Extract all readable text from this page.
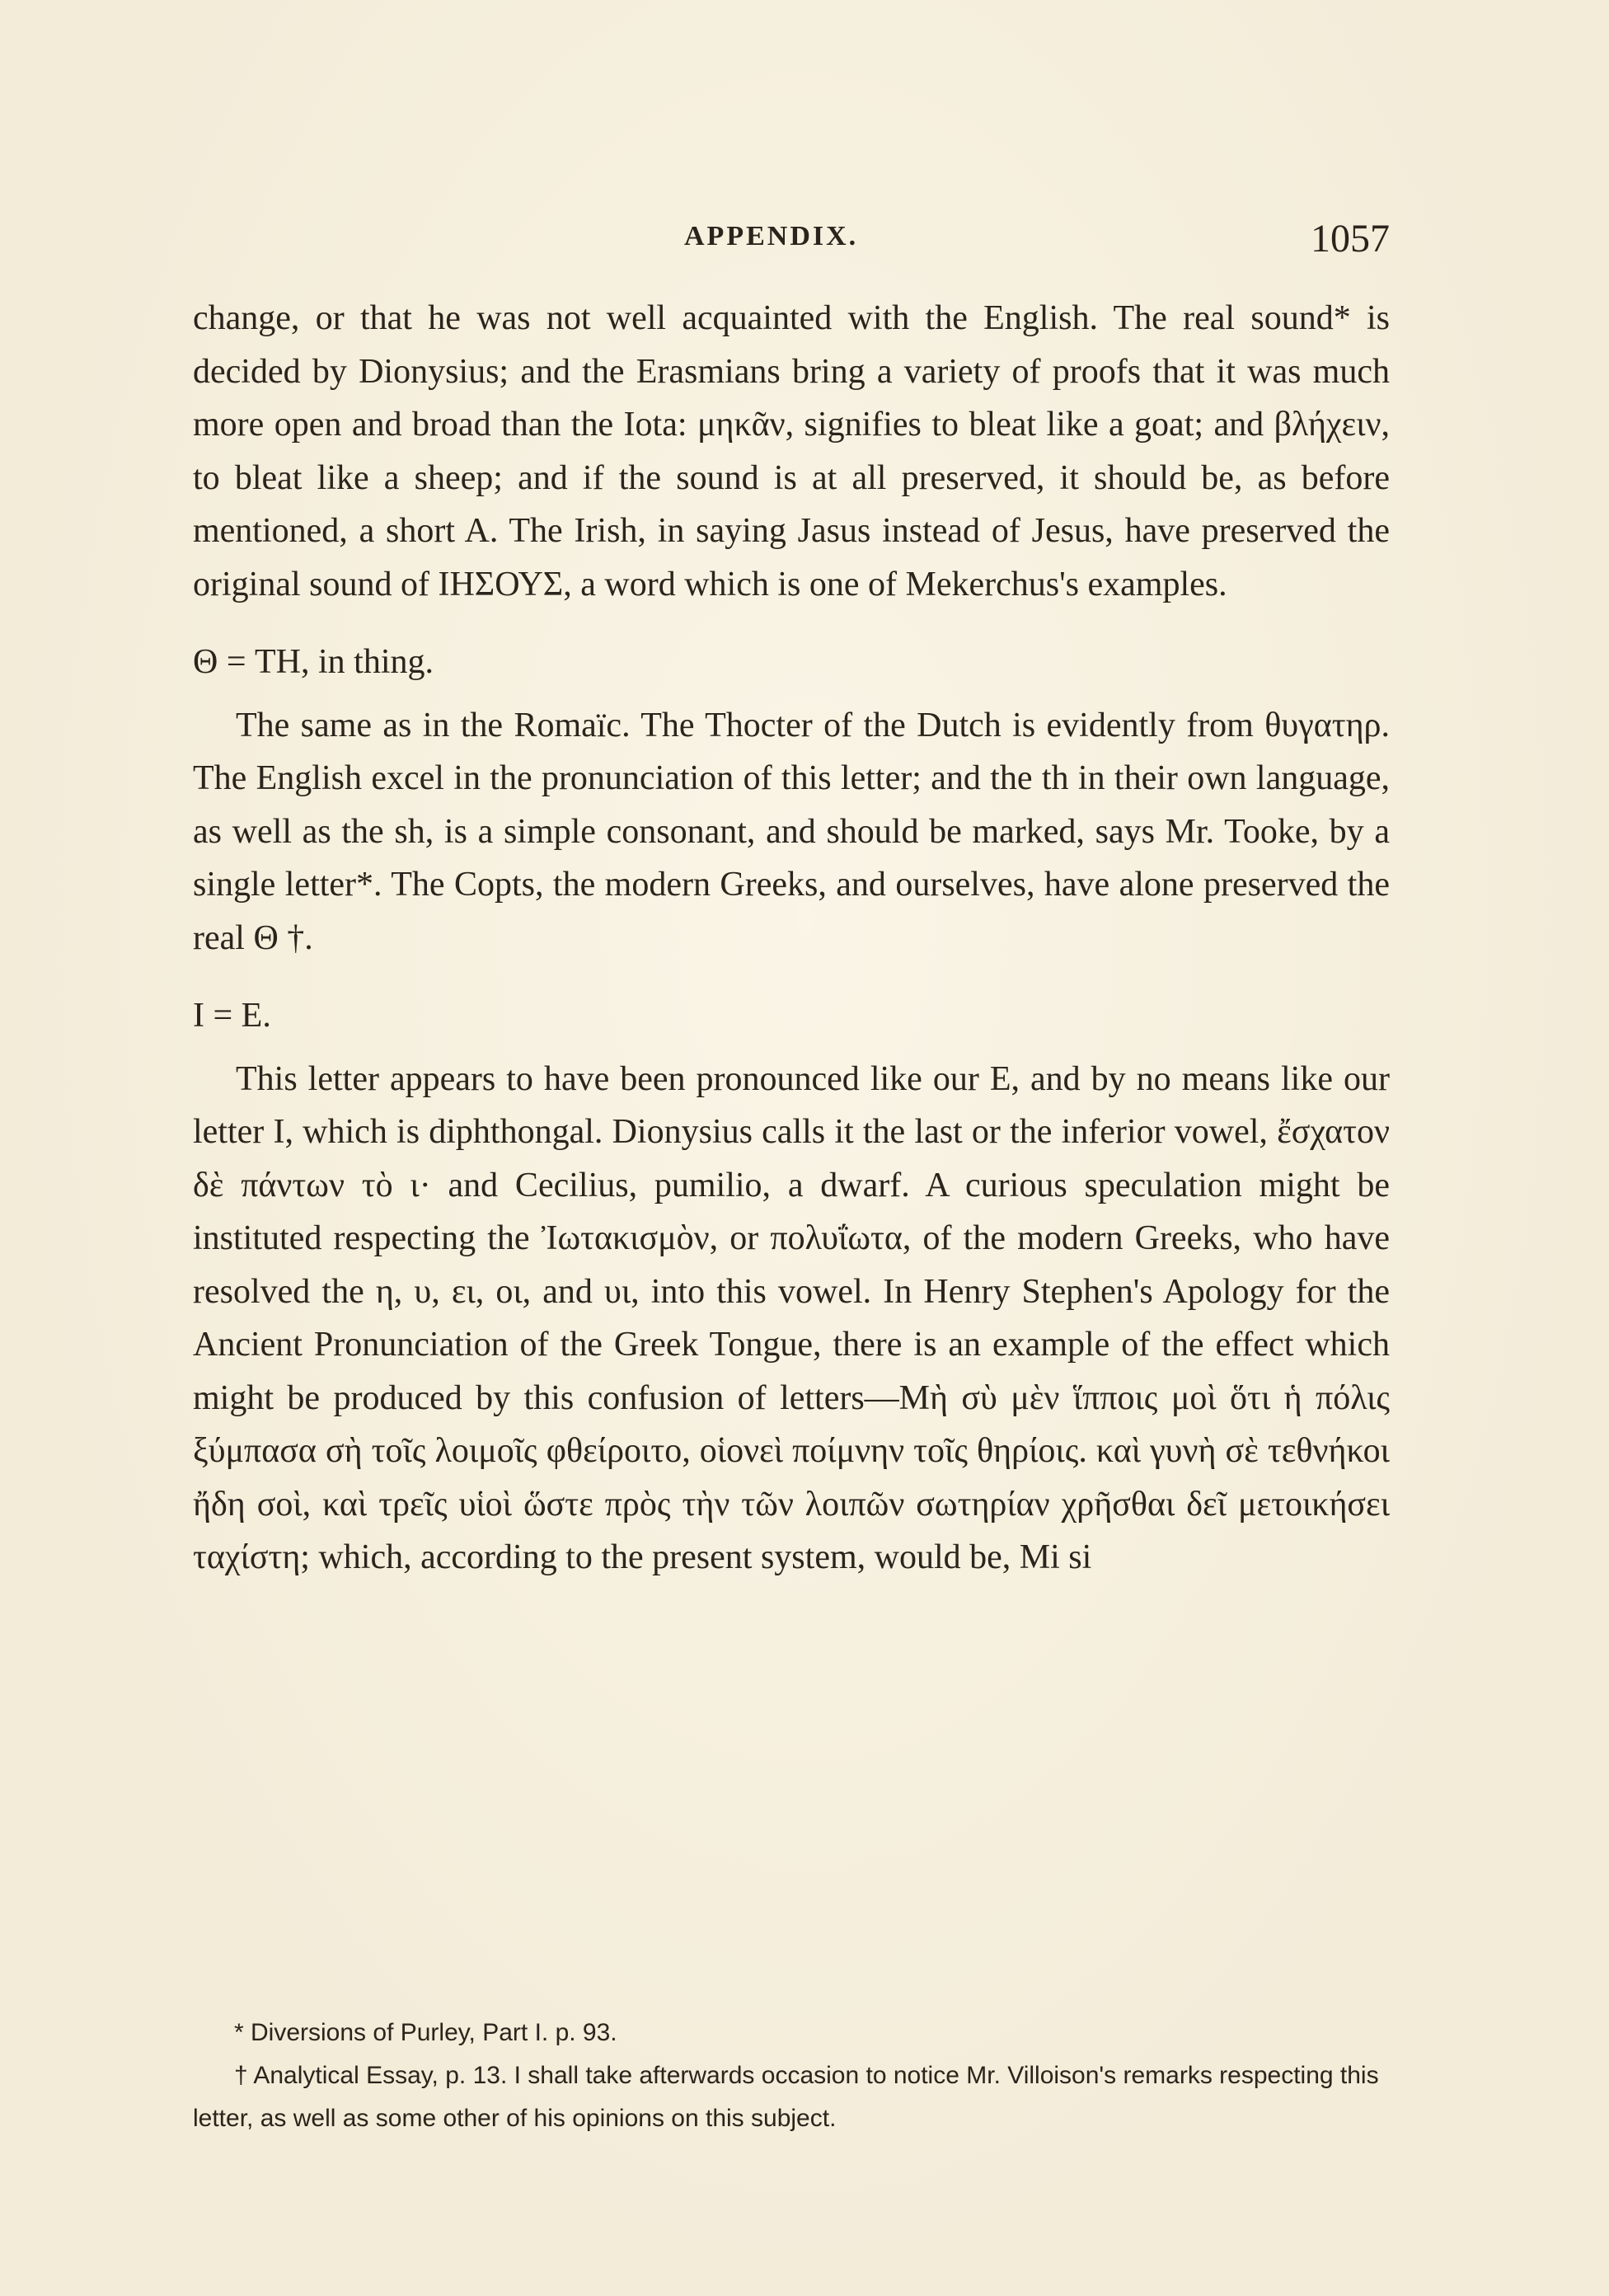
APPENDIX.	1057

change, or that he was not well acquainted with the English. The real sound* is decided by Dionysius; and the Erasmians bring a variety of proofs that it was much more open and broad than the Iota: μηκᾶν, signifies to bleat like a goat; and βλήχειν, to bleat like a sheep; and if the sound is at all preserved, it should be, as before mentioned, a short A. The Irish, in saying Jasus instead of Jesus, have preserved the original sound of ΙΗΣΟΥΣ, a word which is one of Mekerchus's examples.

Θ = TH, in thing.

The same as in the Romaïc. The Thocter of the Dutch is evidently from θυγατηρ. The English excel in the pronunciation of this letter; and the th in their own language, as well as the sh, is a simple consonant, and should be marked, says Mr. Tooke, by a single letter*. The Copts, the modern Greeks, and ourselves, have alone preserved the real Θ †.

I = E.

This letter appears to have been pronounced like our E, and by no means like our letter I, which is diphthongal. Dionysius calls it the last or the inferior vowel, ἔσχατον δὲ πάντων τὸ ι· and Cecilius, pumilio, a dwarf. A curious speculation might be instituted respecting the Ἰωτακισμὸν, or πολυΐωτα, of the modern Greeks, who have resolved the η, υ, ει, οι, and υι, into this vowel. In Henry Stephen's Apology for the Ancient Pronunciation of the Greek Tongue, there is an example of the effect which might be produced by this confusion of letters—Μὴ σὺ μὲν ἵπποις μοὶ ὅτι ἡ πόλις ξύμπασα σὴ τοῖς λοιμοῖς φθείροιτο, οἱονεὶ ποίμνην τοῖς θηρίοις. καὶ γυνὴ σὲ τεθνήκοι ἤδη σοὶ, καὶ τρεῖς υἱοὶ ὥστε πρὸς τὴν τῶν λοιπῶν σωτηρίαν χρῆσθαι δεῖ μετοικήσει ταχίστη; which, according to the present system, would be, Mi si

* Diversions of Purley, Part I. p. 93.

† Analytical Essay, p. 13. I shall take afterwards occasion to notice Mr. Villoison's remarks respecting this letter, as well as some other of his opinions on this subject.
